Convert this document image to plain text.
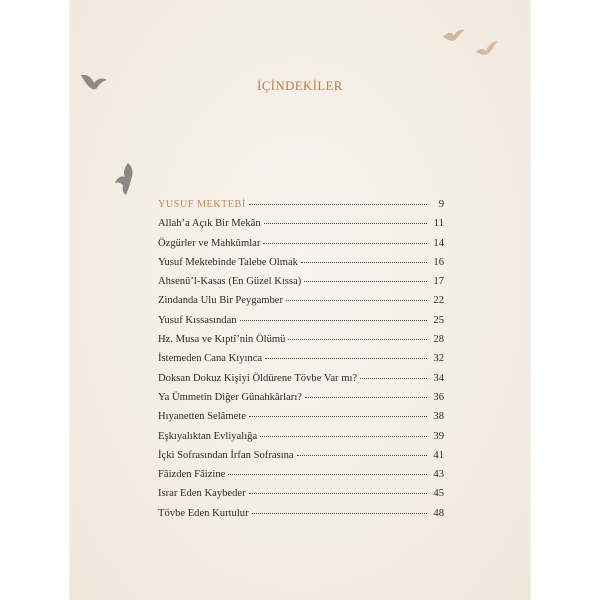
İÇİNDEKİLER
YUSUF MEKTEBİ	9
Allah’a Açık Bir Mekân	11
Özgürler ve Mahkûmlar	14
Yusuf Mektebinde Talebe Olmak	16
Ahsenü’l-Kasas (En Güzel Kıssa)	17
Zindanda Ulu Bir Peygamber	22
Yusuf Kıssasından	25
Hz. Musa ve Kıptî’nin Ölümü	28
İstemeden Cana Kıyınca	32
Doksan Dokuz Kişiyi Öldürene Tövbe Var mı?	34
Ya Ümmetin Diğer Günahkârları?	36
Hıyanetten Selâmete	38
Eşkıyalıktan Evliyalığa	39
İçki Sofrasından İrfan Sofrasına	41
Fâizden Fâizine	43
Israr Eden Kaybeder	45
Tövbe Eden Kurtulur	48
